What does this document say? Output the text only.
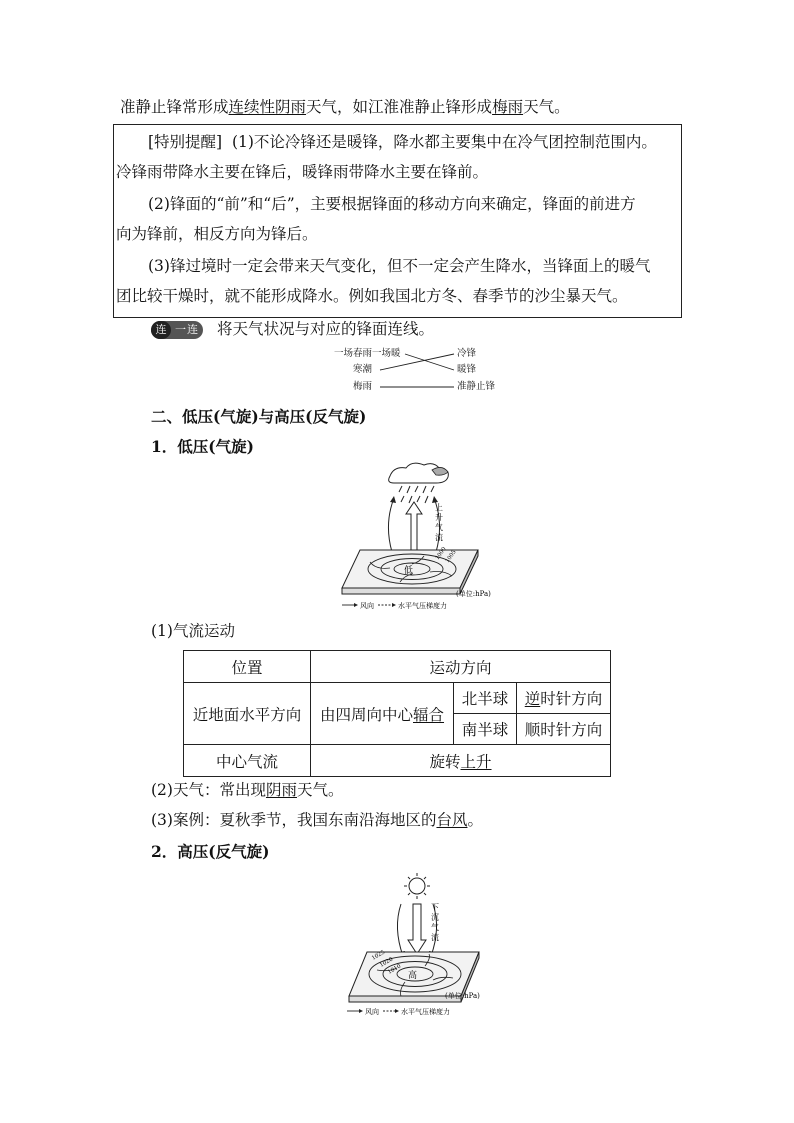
准静止锋常形成连续性阴雨天气，如江淮准静止锋形成梅雨天气。
[特别提醒] (1)不论冷锋还是暖锋，降水都主要集中在冷气团控制范围内。
冷锋雨带降水主要在锋后，暖锋雨带降水主要在锋前。
(2)锋面的“前”和“后”，主要根据锋面的移动方向来确定，锋面的前进方
向为锋前，相反方向为锋后。
(3)锋过境时一定会带来天气变化，但不一定会产生降水，当锋面上的暖气
团比较干燥时，就不能形成降水。例如我国北方冬、春季节的沙尘暴天气。
连 一连 将天气状况与对应的锋面连线。
一场春雨一场暖
寒潮
梅雨
冷锋
暖锋
准静止锋
二、低压(气旋)与高压(反气旋)
1．低压(气旋)
低
1000
1005
上
升
气
流
(单位:hPa)
风向	水平气压梯度力
(1)气流运动
位置	运动方向		
近地面水平方向	由四周向中心辐合	北半球	逆时针方向
		南半球	顺时针方向
中心气流	旋转上升		
(2)天气：常出现阴雨天气。
(3)案例：夏秋季节，我国东南沿海地区的台风。
2．高压(反气旋)
高
1025
1020
1010
下
沉
气
流
(单位:hPa)
风向	水平气压梯度力
